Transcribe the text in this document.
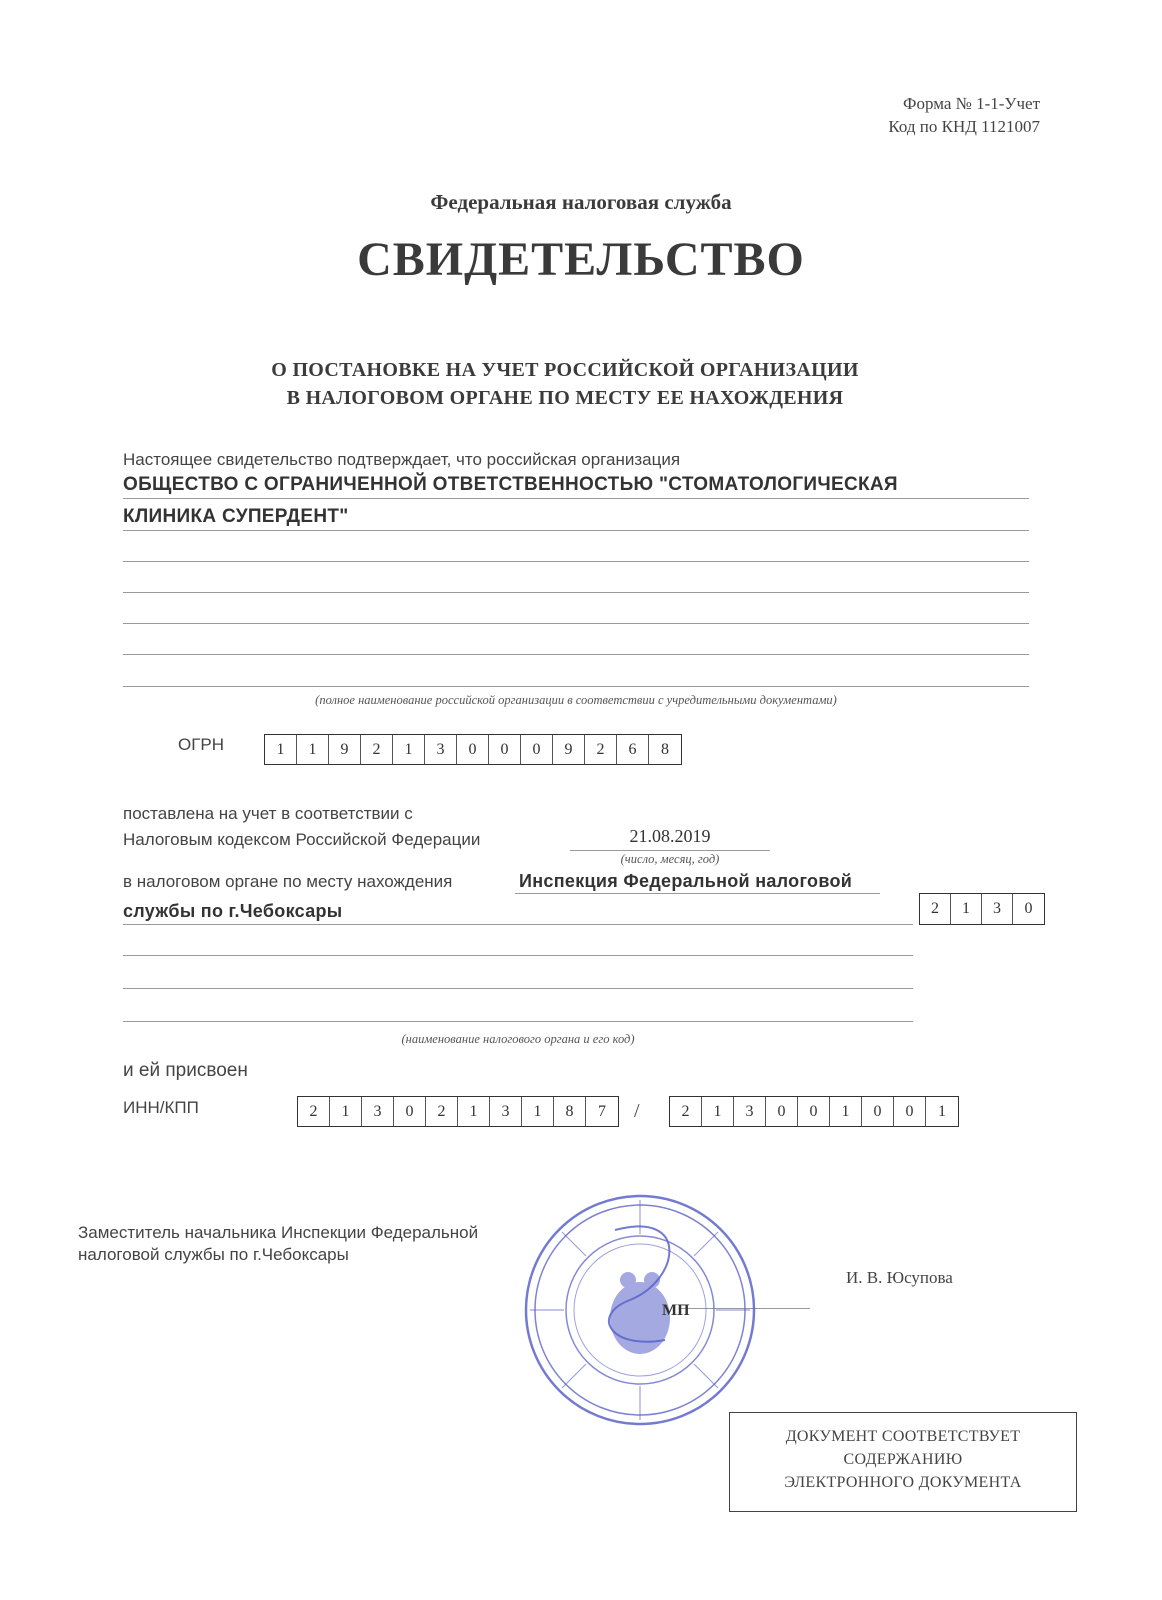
Форма № 1-1-Учет
Код по КНД 1121007
Федеральная налоговая служба
СВИДЕТЕЛЬСТВО
О ПОСТАНОВКЕ НА УЧЕТ РОССИЙСКОЙ ОРГАНИЗАЦИИ
В НАЛОГОВОМ ОРГАНЕ ПО МЕСТУ ЕЕ НАХОЖДЕНИЯ
Настоящее свидетельство подтверждает, что российская организация
ОБЩЕСТВО С ОГРАНИЧЕННОЙ ОТВЕТСТВЕННОСТЬЮ "СТОМАТОЛОГИЧЕСКАЯ
КЛИНИКА СУПЕРДЕНТ"
(полное наименование российской организации в соответствии с учредительными документами)
ОГРН	1	1	9	2	1	3	0	0	0	9	2	6	8
поставлена на учет в соответствии с
Налоговым кодексом Российской Федерации	21.08.2019
(число, месяц, год)
в налоговом органе по месту нахождения	Инспекция Федеральной налоговой
службы по г.Чебоксары	2	1	3	0
(наименование налогового органа и его код)
и ей присвоен
ИНН/КПП	2	1	3	0	2	1	3	1	8	7	/	2	1	3	0	0	1	0	0	1
Заместитель начальника Инспекции Федеральной
налоговой службы по г.Чебоксары
И. В. Юсупова
МП
ДОКУМЕНТ СООТВЕТСТВУЕТ
СОДЕРЖАНИЮ
ЭЛЕКТРОННОГО ДОКУМЕНТА
